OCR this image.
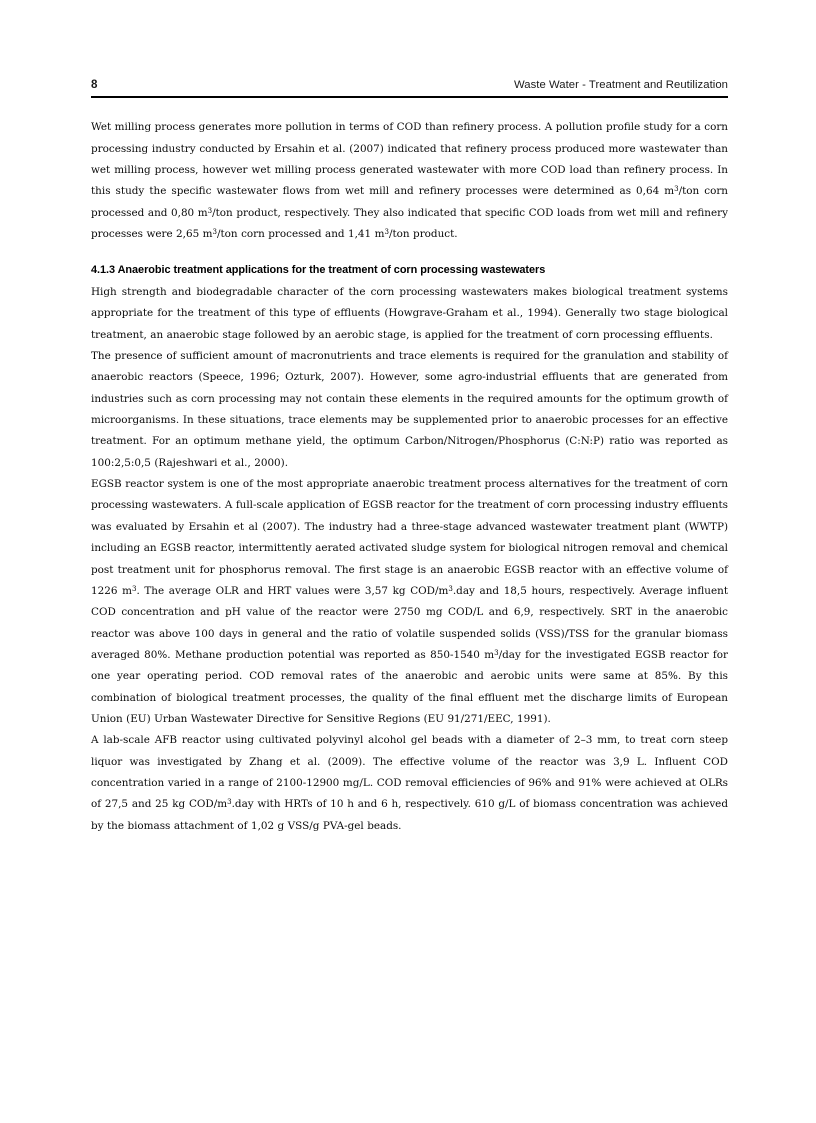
8	Waste Water - Treatment and Reutilization

Wet milling process generates more pollution in terms of COD than refinery process. A pollution profile study for a corn processing industry conducted by Ersahin et al. (2007) indicated that refinery process produced more wastewater than wet milling process, however wet milling process generated wastewater with more COD load than refinery process. In this study the specific wastewater flows from wet mill and refinery processes were determined as 0,64 $m^3$/ton corn processed and 0,80 $m^3$/ton product, respectively. They also indicated that specific COD loads from wet mill and refinery processes were 2,65 $m^3$/ton corn processed and 1,41 $m^3$/ton product.

4.1.3 Anaerobic treatment applications for the treatment of corn processing wastewaters

High strength and biodegradable character of the corn processing wastewaters makes biological treatment systems appropriate for the treatment of this type of effluents (Howgrave-Graham et al., 1994). Generally two stage biological treatment, an anaerobic stage followed by an aerobic stage, is applied for the treatment of corn processing effluents.

The presence of sufficient amount of macronutrients and trace elements is required for the granulation and stability of anaerobic reactors (Speece, 1996; Ozturk, 2007). However, some agro-industrial effluents that are generated from industries such as corn processing may not contain these elements in the required amounts for the optimum growth of microorganisms. In these situations, trace elements may be supplemented prior to anaerobic processes for an effective treatment. For an optimum methane yield, the optimum Carbon/Nitrogen/Phosphorus (C:N:P) ratio was reported as 100:2,5:0,5 (Rajeshwari et al., 2000).

EGSB reactor system is one of the most appropriate anaerobic treatment process alternatives for the treatment of corn processing wastewaters. A full-scale application of EGSB reactor for the treatment of corn processing industry effluents was evaluated by Ersahin et al (2007). The industry had a three-stage advanced wastewater treatment plant (WWTP) including an EGSB reactor, intermittently aerated activated sludge system for biological nitrogen removal and chemical post treatment unit for phosphorus removal. The first stage is an anaerobic EGSB reactor with an effective volume of 1226 $m^3$. The average OLR and HRT values were 3,57 kg COD/$m^3.day$ and 18,5 hours, respectively. Average influent COD concentration and pH value of the reactor were 2750 mg COD/L and 6,9, respectively. SRT in the anaerobic reactor was above 100 days in general and the ratio of volatile suspended solids (VSS)/TSS for the granular biomass averaged 80%. Methane production potential was reported as 850-1540 $m^3$/day for the investigated EGSB reactor for one year operating period. COD removal rates of the anaerobic and aerobic units were same at 85%. By this combination of biological treatment processes, the quality of the final effluent met the discharge limits of European Union (EU) Urban Wastewater Directive for Sensitive Regions (EU 91/271/EEC, 1991).

A lab-scale AFB reactor using cultivated polyvinyl alcohol gel beads with a diameter of 2–3 mm, to treat corn steep liquor was investigated by Zhang et al. (2009). The effective volume of the reactor was 3,9 L. Influent COD concentration varied in a range of 2100-12900 mg/L. COD removal efficiencies of 96% and 91% were achieved at OLRs of 27,5 and 25 kg COD/$m^3.day$ with HRTs of 10 h and 6 h, respectively. 610 g/L of biomass concentration was achieved by the biomass attachment of 1,02 g VSS/g PVA-gel beads.
